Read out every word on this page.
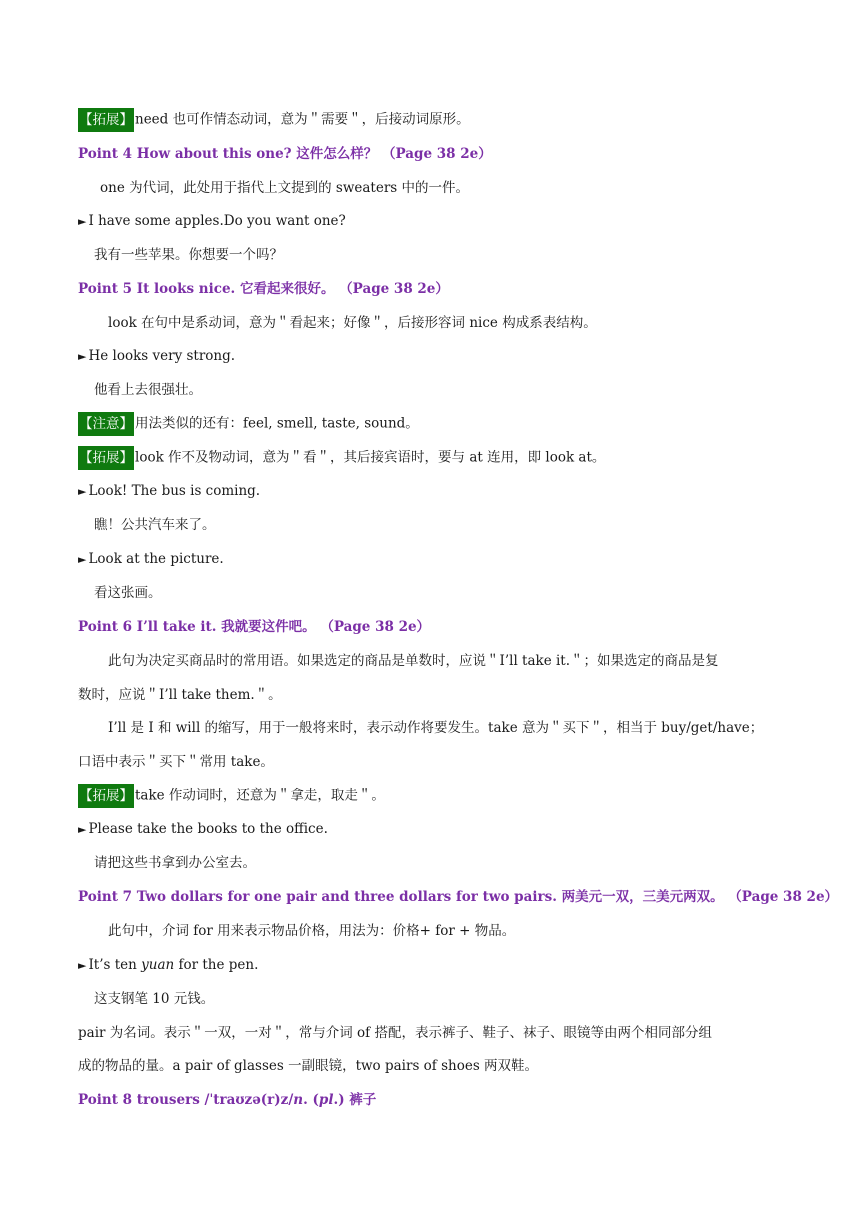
【拓展】 need 也可作情态动词，意为＂需要＂，后接动词原形。
Point 4 How about this one? 这件怎么样？ （Page 38 2e）
one 为代词，此处用于指代上文提到的 sweaters 中的一件。
► I have some apples.Do you want one?
我有一些苹果。你想要一个吗？
Point 5 It looks nice. 它看起来很好。 （Page 38 2e）
look 在句中是系动词，意为＂看起来；好像＂，后接形容词 nice 构成系表结构。
► He looks very strong.
他看上去很强壮。
【注意】 用法类似的还有：feel, smell, taste, sound。
【拓展】 look 作不及物动词，意为＂看＂，其后接宾语时，要与 at 连用，即 look at。
► Look! The bus is coming.
瞧！公共汽车来了。
► Look at the picture.
看这张画。
Point 6 I’ll take it. 我就要这件吧。 （Page 38 2e）
此句为决定买商品时的常用语。如果选定的商品是单数时，应说＂I’ll take it.＂；如果选定的商品是复
数时，应说＂I’ll take them.＂。
I’ll 是 I 和 will 的缩写，用于一般将来时，表示动作将要发生。take 意为＂买下＂，相当于 buy/get/have；
口语中表示＂买下＂常用 take。
【拓展】 take 作动词时，还意为＂拿走，取走＂。
► Please take the books to the office.
请把这些书拿到办公室去。
Point 7 Two dollars for one pair and three dollars for two pairs. 两美元一双，三美元两双。 （Page 38 2e）
此句中，介词 for 用来表示物品价格，用法为：价格+ for + 物品。
► It’s ten yuan for the pen.
这支钢笔 10 元钱。
pair 为名词。表示＂一双，一对＂，常与介词 of 搭配，表示裤子、鞋子、袜子、眼镜等由两个相同部分组
成的物品的量。a pair of glasses 一副眼镜，two pairs of shoes 两双鞋。
Point 8 trousers /ˈtraʊzə(r)z/n. (pl.) 裤子
